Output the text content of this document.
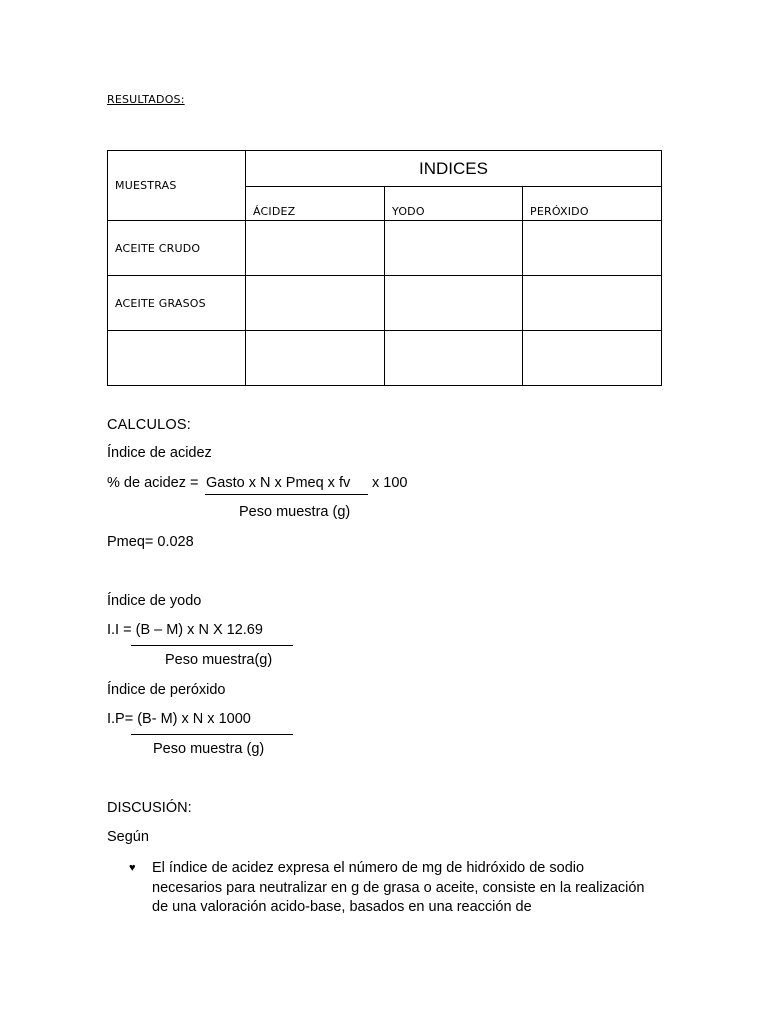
RESULTADOS:
MUESTRAS	INDICES		
	ÁCIDEZ	YODO	PERÓXIDO
ACEITE CRUDO			
ACEITE GRASOS			

CALCULOS:
Índice de acidez
% de acidez = Gasto x N x Pmeq x fv x 100
Peso muestra (g)
Pmeq= 0.028
Índice de yodo
I.I = (B – M) x N X 12.69
Peso muestra(g)
Índice de peróxido
I.P= (B- M) x N x 1000
Peso muestra (g)
DISCUSIÓN:
Según
♥ El índice de acidez expresa el número de mg de hidróxido de sodio necesarios para neutralizar en g de grasa o aceite, consiste en la realización de una valoración acido-base, basados en una reacción de
